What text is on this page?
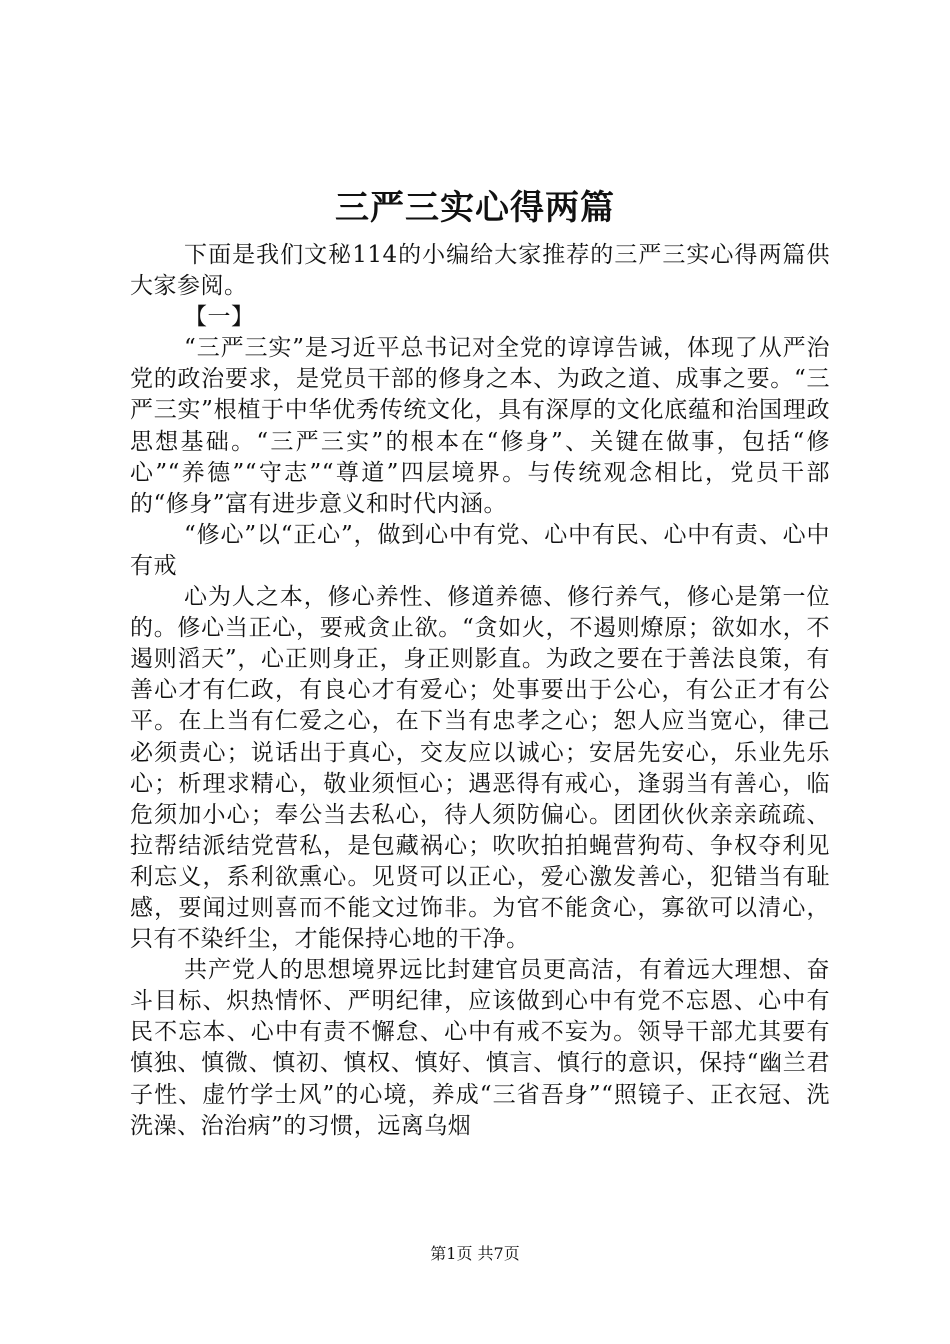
三严三实心得两篇

下面是我们文秘114的小编给大家推荐的三严三实心得两篇供大家参阅。

【一】

“三严三实”是习近平总书记对全党的谆谆告诫，体现了从严治党的政治要求，是党员干部的修身之本、为政之道、成事之要。“三严三实”根植于中华优秀传统文化，具有深厚的文化底蕴和治国理政思想基础。“三严三实”的根本在“修身”、关键在做事，包括“修心”“养德”“守志”“尊道”四层境界。与传统观念相比，党员干部的“修身”富有进步意义和时代内涵。

“修心”以“正心”，做到心中有党、心中有民、心中有责、心中有戒

心为人之本，修心养性、修道养德、修行养气，修心是第一位的。修心当正心，要戒贪止欲。“贪如火，不遏则燎原；欲如水，不遏则滔天”，心正则身正，身正则影直。为政之要在于善法良策，有善心才有仁政，有良心才有爱心；处事要出于公心，有公正才有公平。在上当有仁爱之心，在下当有忠孝之心；恕人应当宽心，律己必须责心；说话出于真心，交友应以诚心；安居先安心，乐业先乐心；析理求精心，敬业须恒心；遇恶得有戒心，逢弱当有善心，临危须加小心；奉公当去私心，待人须防偏心。团团伙伙亲亲疏疏、拉帮结派结党营私，是包藏祸心；吹吹拍拍蝇营狗苟、争权夺利见利忘义，系利欲熏心。见贤可以正心，爱心激发善心，犯错当有耻感，要闻过则喜而不能文过饰非。为官不能贪心，寡欲可以清心，只有不染纤尘，才能保持心地的干净。

共产党人的思想境界远比封建官员更高洁，有着远大理想、奋斗目标、炽热情怀、严明纪律，应该做到心中有党不忘恩、心中有民不忘本、心中有责不懈怠、心中有戒不妄为。领导干部尤其要有慎独、慎微、慎初、慎权、慎好、慎言、慎行的意识，保持“幽兰君子性、虚竹学士风”的心境，养成“三省吾身”“照镜子、正衣冠、洗洗澡、治治病”的习惯，远离乌烟

第1页 共7页
